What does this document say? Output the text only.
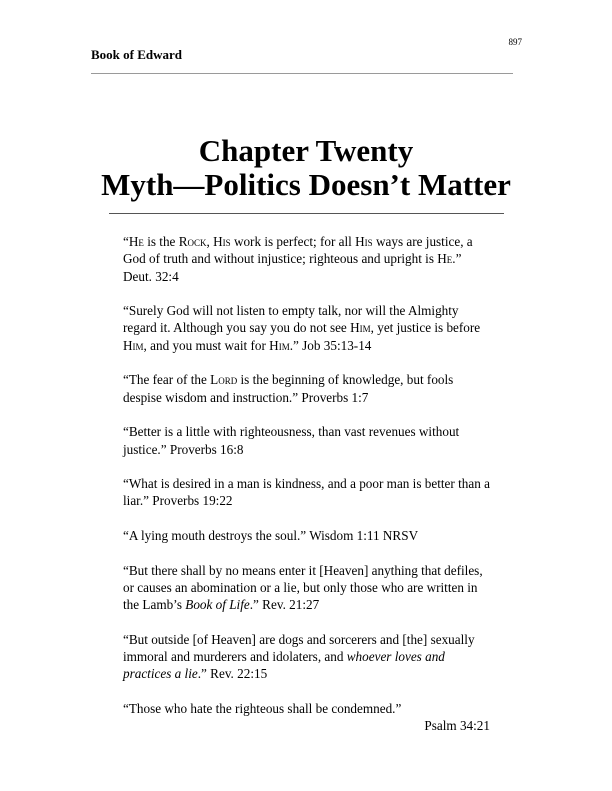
897
Book of Edward
Chapter Twenty
Myth—Politics Doesn’t Matter

“He is the Rock, His work is perfect; for all His ways are justice, a God of truth and without injustice; righteous and upright is He.” Deut. 32:4

“Surely God will not listen to empty talk, nor will the Almighty regard it. Although you say you do not see Him, yet justice is before Him, and you must wait for Him.” Job 35:13-14

“The fear of the Lord is the beginning of knowledge, but fools despise wisdom and instruction.” Proverbs 1:7

“Better is a little with righteousness, than vast revenues without justice.” Proverbs 16:8

“What is desired in a man is kindness, and a poor man is better than a liar.” Proverbs 19:22

“A lying mouth destroys the soul.” Wisdom 1:11 NRSV

“But there shall by no means enter it [Heaven] anything that defiles, or causes an abomination or a lie, but only those who are written in the Lamb’s Book of Life.” Rev. 21:27

“But outside [of Heaven] are dogs and sorcerers and [the] sexually immoral and murderers and idolaters, and whoever loves and practices a lie.” Rev. 22:15

“Those who hate the righteous shall be condemned.”
Psalm 34:21
